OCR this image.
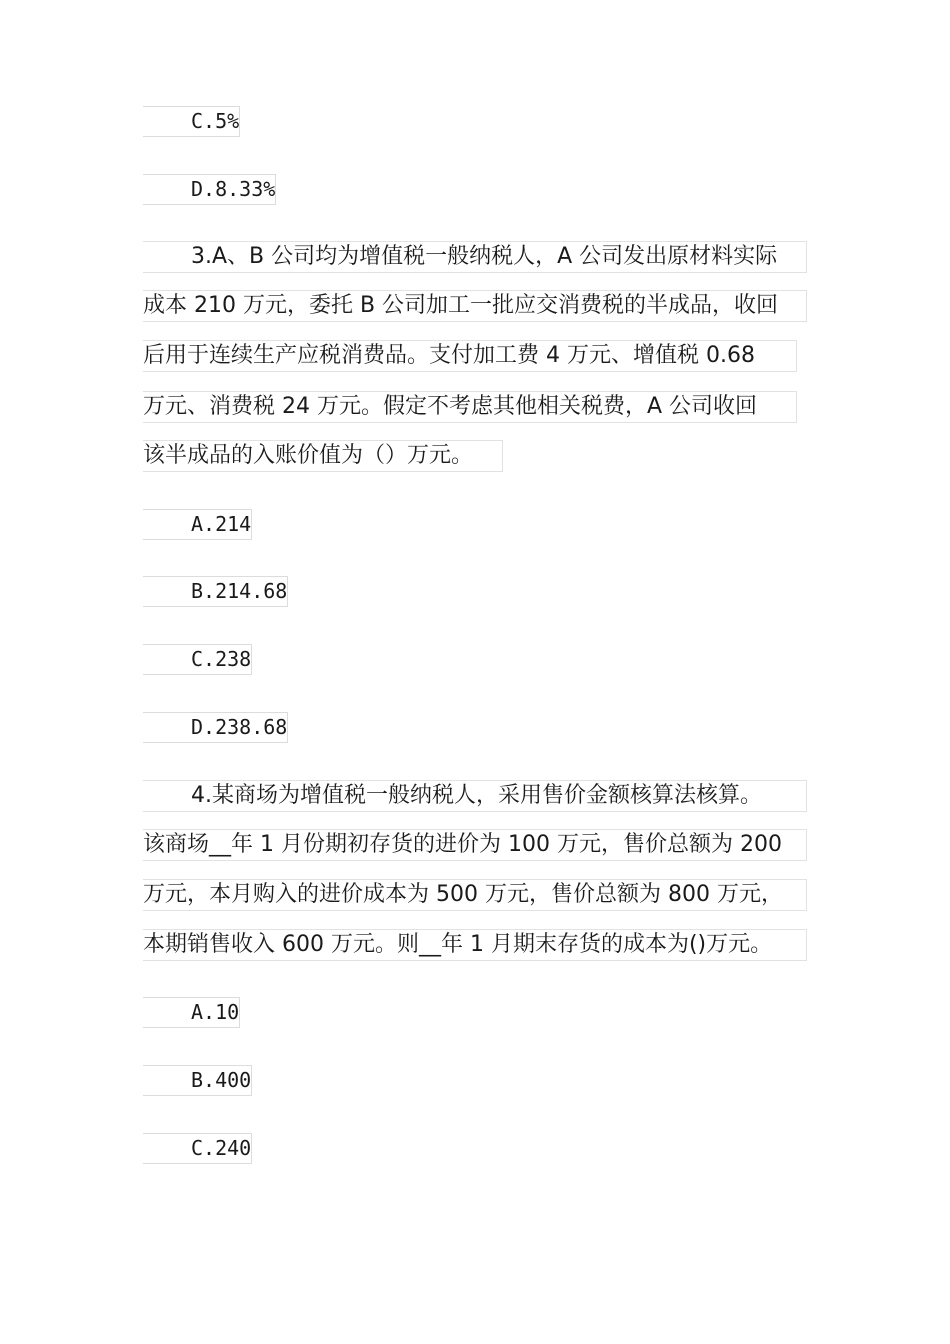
C.5%
D.8.33%
3.A、B 公司均为增值税一般纳税人，A 公司发出原材料实际
成本 210 万元，委托 B 公司加工一批应交消费税的半成品，收回
后用于连续生产应税消费品。支付加工费 4 万元、增值税 0.68
万元、消费税 24 万元。假定不考虑其他相关税费，A 公司收回
该半成品的入账价值为（）万元。
A.214
B.214.68
C.238
D.238.68
4.某商场为增值税一般纳税人，采用售价金额核算法核算。
该商场__年 1 月份期初存货的进价为 100 万元，售价总额为 200
万元，本月购入的进价成本为 500 万元，售价总额为 800 万元，
本期销售收入 600 万元。则__年 1 月期末存货的成本为()万元。
A.10
B.400
C.240
